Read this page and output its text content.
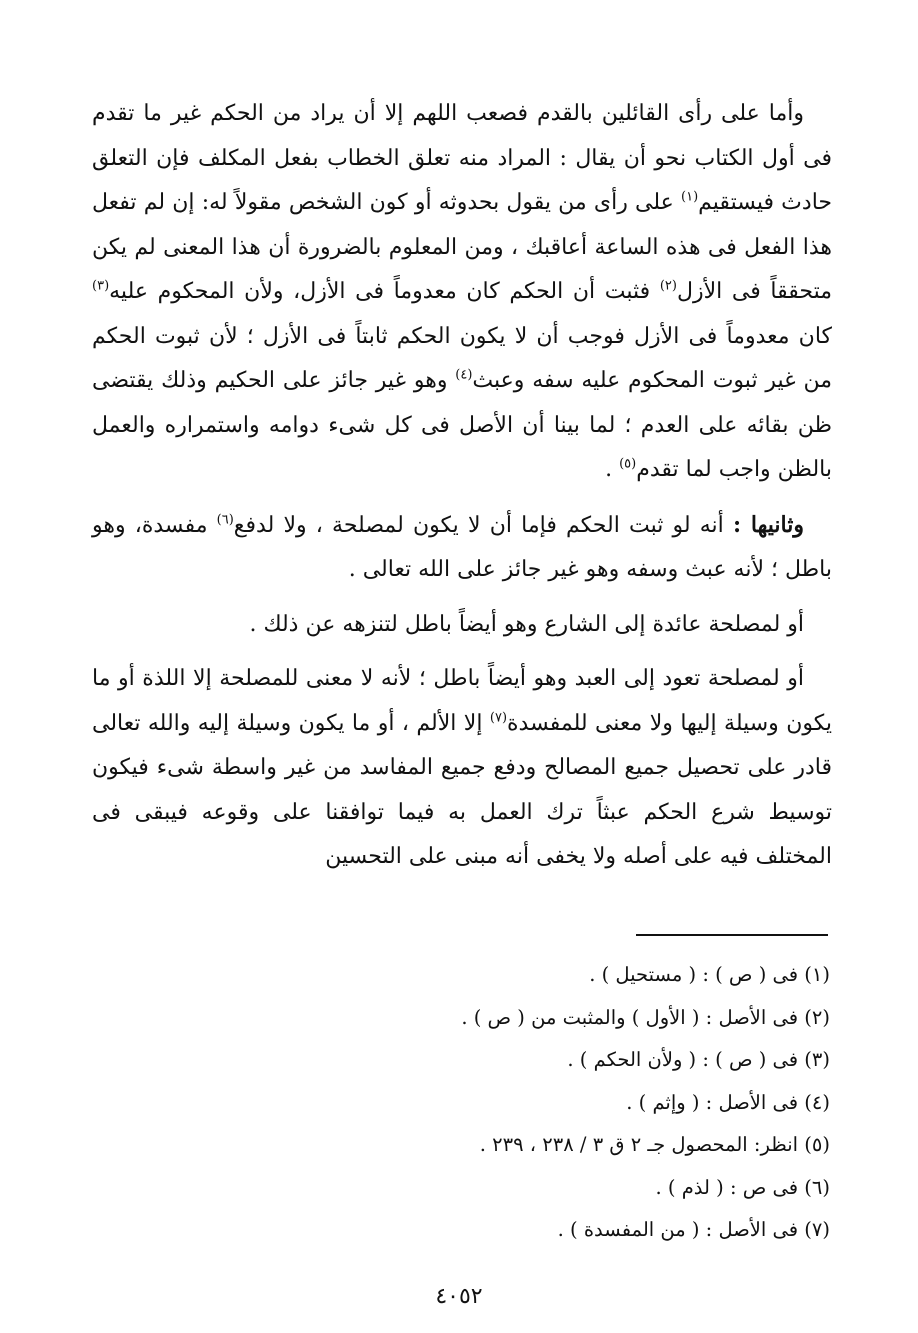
وأما على رأى القائلين بالقدم فصعب اللهم إلا أن يراد من الحكم غير ما تقدم فى أول الكتاب نحو أن يقال : المراد منه تعلق الخطاب بفعل المكلف فإن التعلق حادث فيستقيم$^{(١)}$ على رأى من يقول بحدوثه أو كون الشخص مقولاً له: إن لم تفعل هذا الفعل فى هذه الساعة أعاقبك ، ومن المعلوم بالضرورة أن هذا المعنى لم يكن متحققاً فى الأزل$^{(٢)}$ فثبت أن الحكم كان معدوماً فى الأزل، ولأن المحكوم عليه$^{(٣)}$ كان معدوماً فى الأزل فوجب أن لا يكون الحكم ثابتاً فى الأزل ؛ لأن ثبوت الحكم من غير ثبوت المحكوم عليه سفه وعبث$^{(٤)}$ وهو غير جائز على الحكيم وذلك يقتضى ظن بقائه على العدم ؛ لما بينا أن الأصل فى كل شىء دوامه واستمراره والعمل بالظن واجب لما تقدم$^{(٥)}$ .

وثانيها : أنه لو ثبت الحكم فإما أن لا يكون لمصلحة ، ولا لدفع$^{(٦)}$ مفسدة، وهو باطل ؛ لأنه عبث وسفه وهو غير جائز على الله تعالى .

أو لمصلحة عائدة إلى الشارع وهو أيضاً باطل لتنزهه عن ذلك .

أو لمصلحة تعود إلى العبد وهو أيضاً باطل ؛ لأنه لا معنى للمصلحة إلا اللذة أو ما يكون وسيلة إليها ولا معنى للمفسدة$^{(٧)}$ إلا الألم ، أو ما يكون وسيلة إليه والله تعالى قادر على تحصيل جميع المصالح ودفع جميع المفاسد من غير واسطة شىء فيكون توسيط شرع الحكم عبثاً ترك العمل به فيما توافقنا على وقوعه فيبقى فى المختلف فيه على أصله ولا يخفى أنه مبنى على التحسين

(١) فى ( ص ) : ( مستحيل ) .
(٢) فى الأصل : ( الأول ) والمثبت من ( ص ) .
(٣) فى ( ص ) : ( ولأن الحكم ) .
(٤) فى الأصل : ( وإثم ) .
(٥) انظر: المحصول جـ ٢ ق ٣ / ٢٣٨ ، ٢٣٩ .
(٦) فى ص : ( لذم ) .
(٧) فى الأصل : ( من المفسدة ) .
٤٠٥٢
